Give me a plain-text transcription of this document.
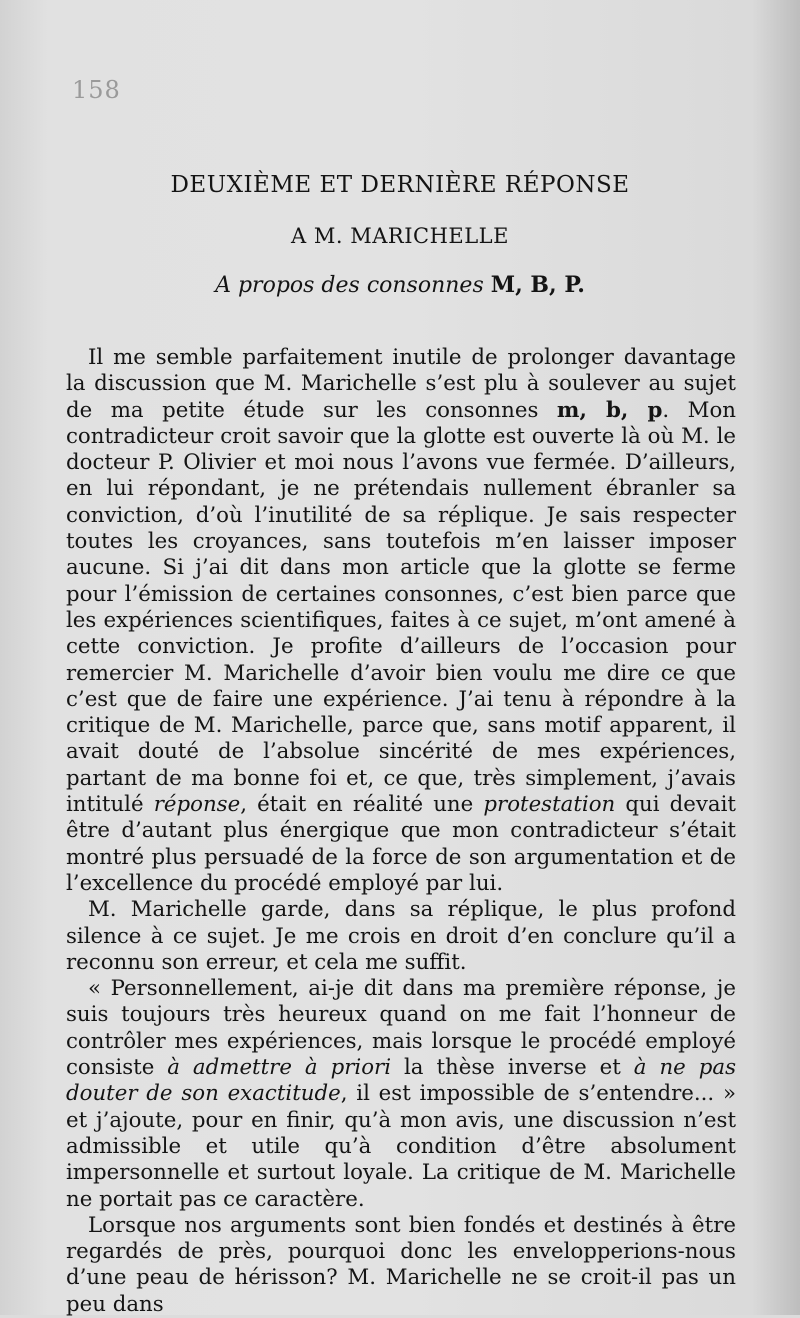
158
DEUXIÈME ET DERNIÈRE RÉPONSE
A M. MARICHELLE
A propos des consonnes M, B, P.

Il me semble parfaitement inutile de prolonger davantage la discussion que M. Marichelle s’est plu à soulever au sujet de ma petite étude sur les consonnes m, b, p. Mon contradicteur croit savoir que la glotte est ouverte là où M. le docteur P. Olivier et moi nous l’avons vue fermée. D’ailleurs, en lui répondant, je ne prétendais nullement ébranler sa conviction, d’où l’inutilité de sa réplique. Je sais respecter toutes les croyances, sans toutefois m’en laisser imposer aucune. Si j’ai dit dans mon article que la glotte se ferme pour l’émission de certaines consonnes, c’est bien parce que les expériences scientifiques, faites à ce sujet, m’ont amené à cette conviction. Je profite d’ailleurs de l’occasion pour remercier M. Marichelle d’avoir bien voulu me dire ce que c’est que de faire une expérience. J’ai tenu à répondre à la critique de M. Marichelle, parce que, sans motif apparent, il avait douté de l’absolue sincérité de mes expériences, partant de ma bonne foi et, ce que, très simplement, j’avais intitulé réponse, était en réalité une protestation qui devait être d’autant plus énergique que mon contradicteur s’était montré plus persuadé de la force de son argumentation et de l’excellence du procédé employé par lui.

M. Marichelle garde, dans sa réplique, le plus profond silence à ce sujet. Je me crois en droit d’en conclure qu’il a reconnu son erreur, et cela me suffit.

« Personnellement, ai-je dit dans ma première réponse, je suis toujours très heureux quand on me fait l’honneur de contrôler mes expériences, mais lorsque le procédé employé consiste à admettre à priori la thèse inverse et à ne pas douter de son exactitude, il est impossible de s’entendre... » et j’ajoute, pour en finir, qu’à mon avis, une discussion n’est admissible et utile qu’à condition d’être absolument impersonnelle et surtout loyale. La critique de M. Marichelle ne portait pas ce caractère.

Lorsque nos arguments sont bien fondés et destinés à être regardés de près, pourquoi donc les envelopperions-nous d’une peau de hérisson? M. Marichelle ne se croit-il pas un peu dans
